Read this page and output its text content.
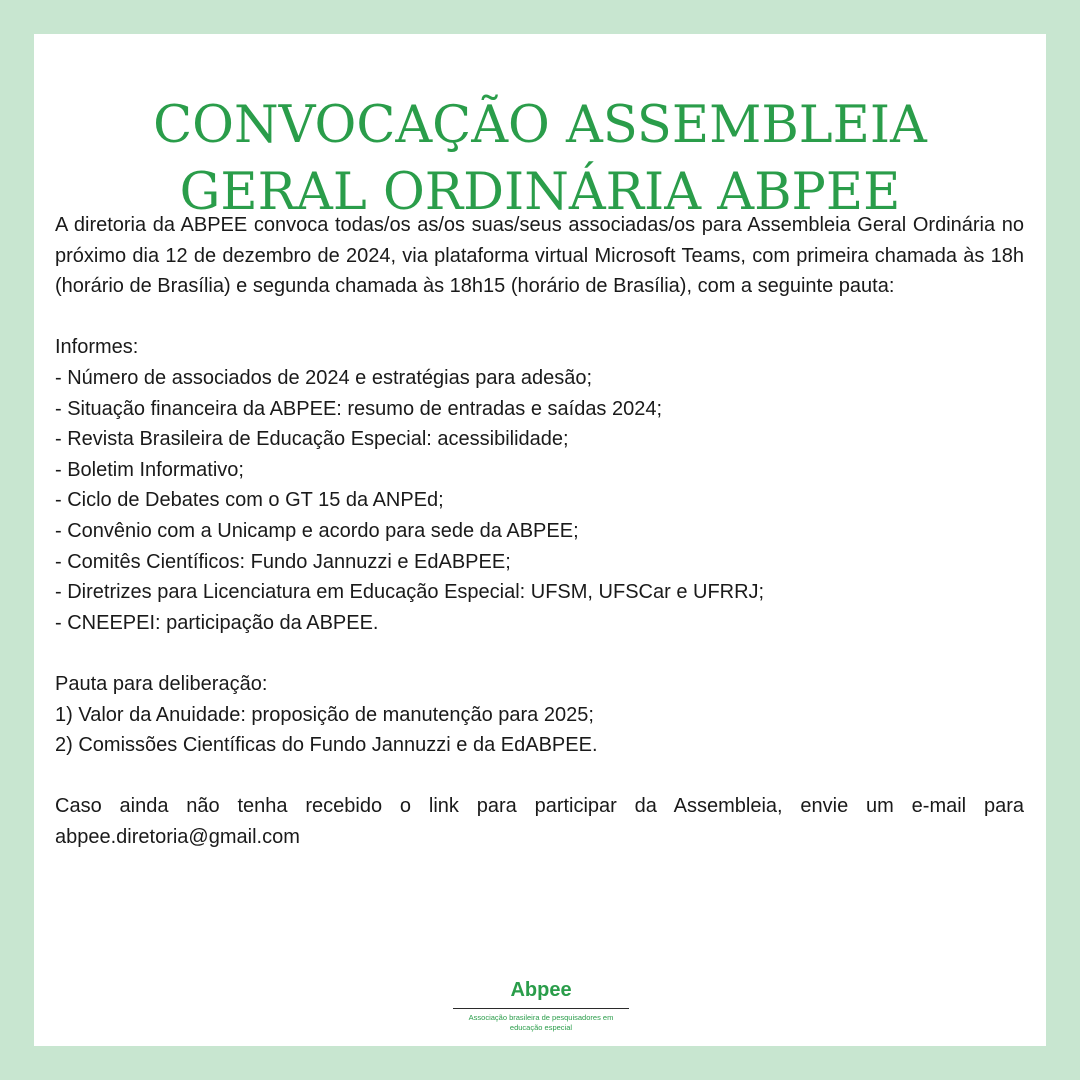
CONVOCAÇÃO ASSEMBLEIA
GERAL ORDINÁRIA ABPEE

A diretoria da ABPEE convoca todas/os as/os suas/seus associadas/os para Assembleia Geral Ordinária no próximo dia 12 de dezembro de 2024, via plataforma virtual Microsoft Teams, com primeira chamada às 18h (horário de Brasília) e segunda chamada às 18h15 (horário de Brasília), com a seguinte pauta:

Informes:
- Número de associados de 2024 e estratégias para adesão;
- Situação financeira da ABPEE: resumo de entradas e saídas 2024;
- Revista Brasileira de Educação Especial: acessibilidade;
- Boletim Informativo;
- Ciclo de Debates com o GT 15 da ANPEd;
- Convênio com a Unicamp e acordo para sede da ABPEE;
- Comitês Científicos: Fundo Jannuzzi e EdABPEE;
- Diretrizes para Licenciatura em Educação Especial: UFSM, UFSCar e UFRRJ;
- CNEEPEI: participação da ABPEE.
Pauta para deliberação:
1) Valor da Anuidade: proposição de manutenção para 2025;
2) Comissões Científicas do Fundo Jannuzzi e da EdABPEE.

Caso ainda não tenha recebido o link para participar da Assembleia, envie um e-mail para abpee.diretoria@gmail.com

Abpee
Associação brasileira de pesquisadores em
educação especial
